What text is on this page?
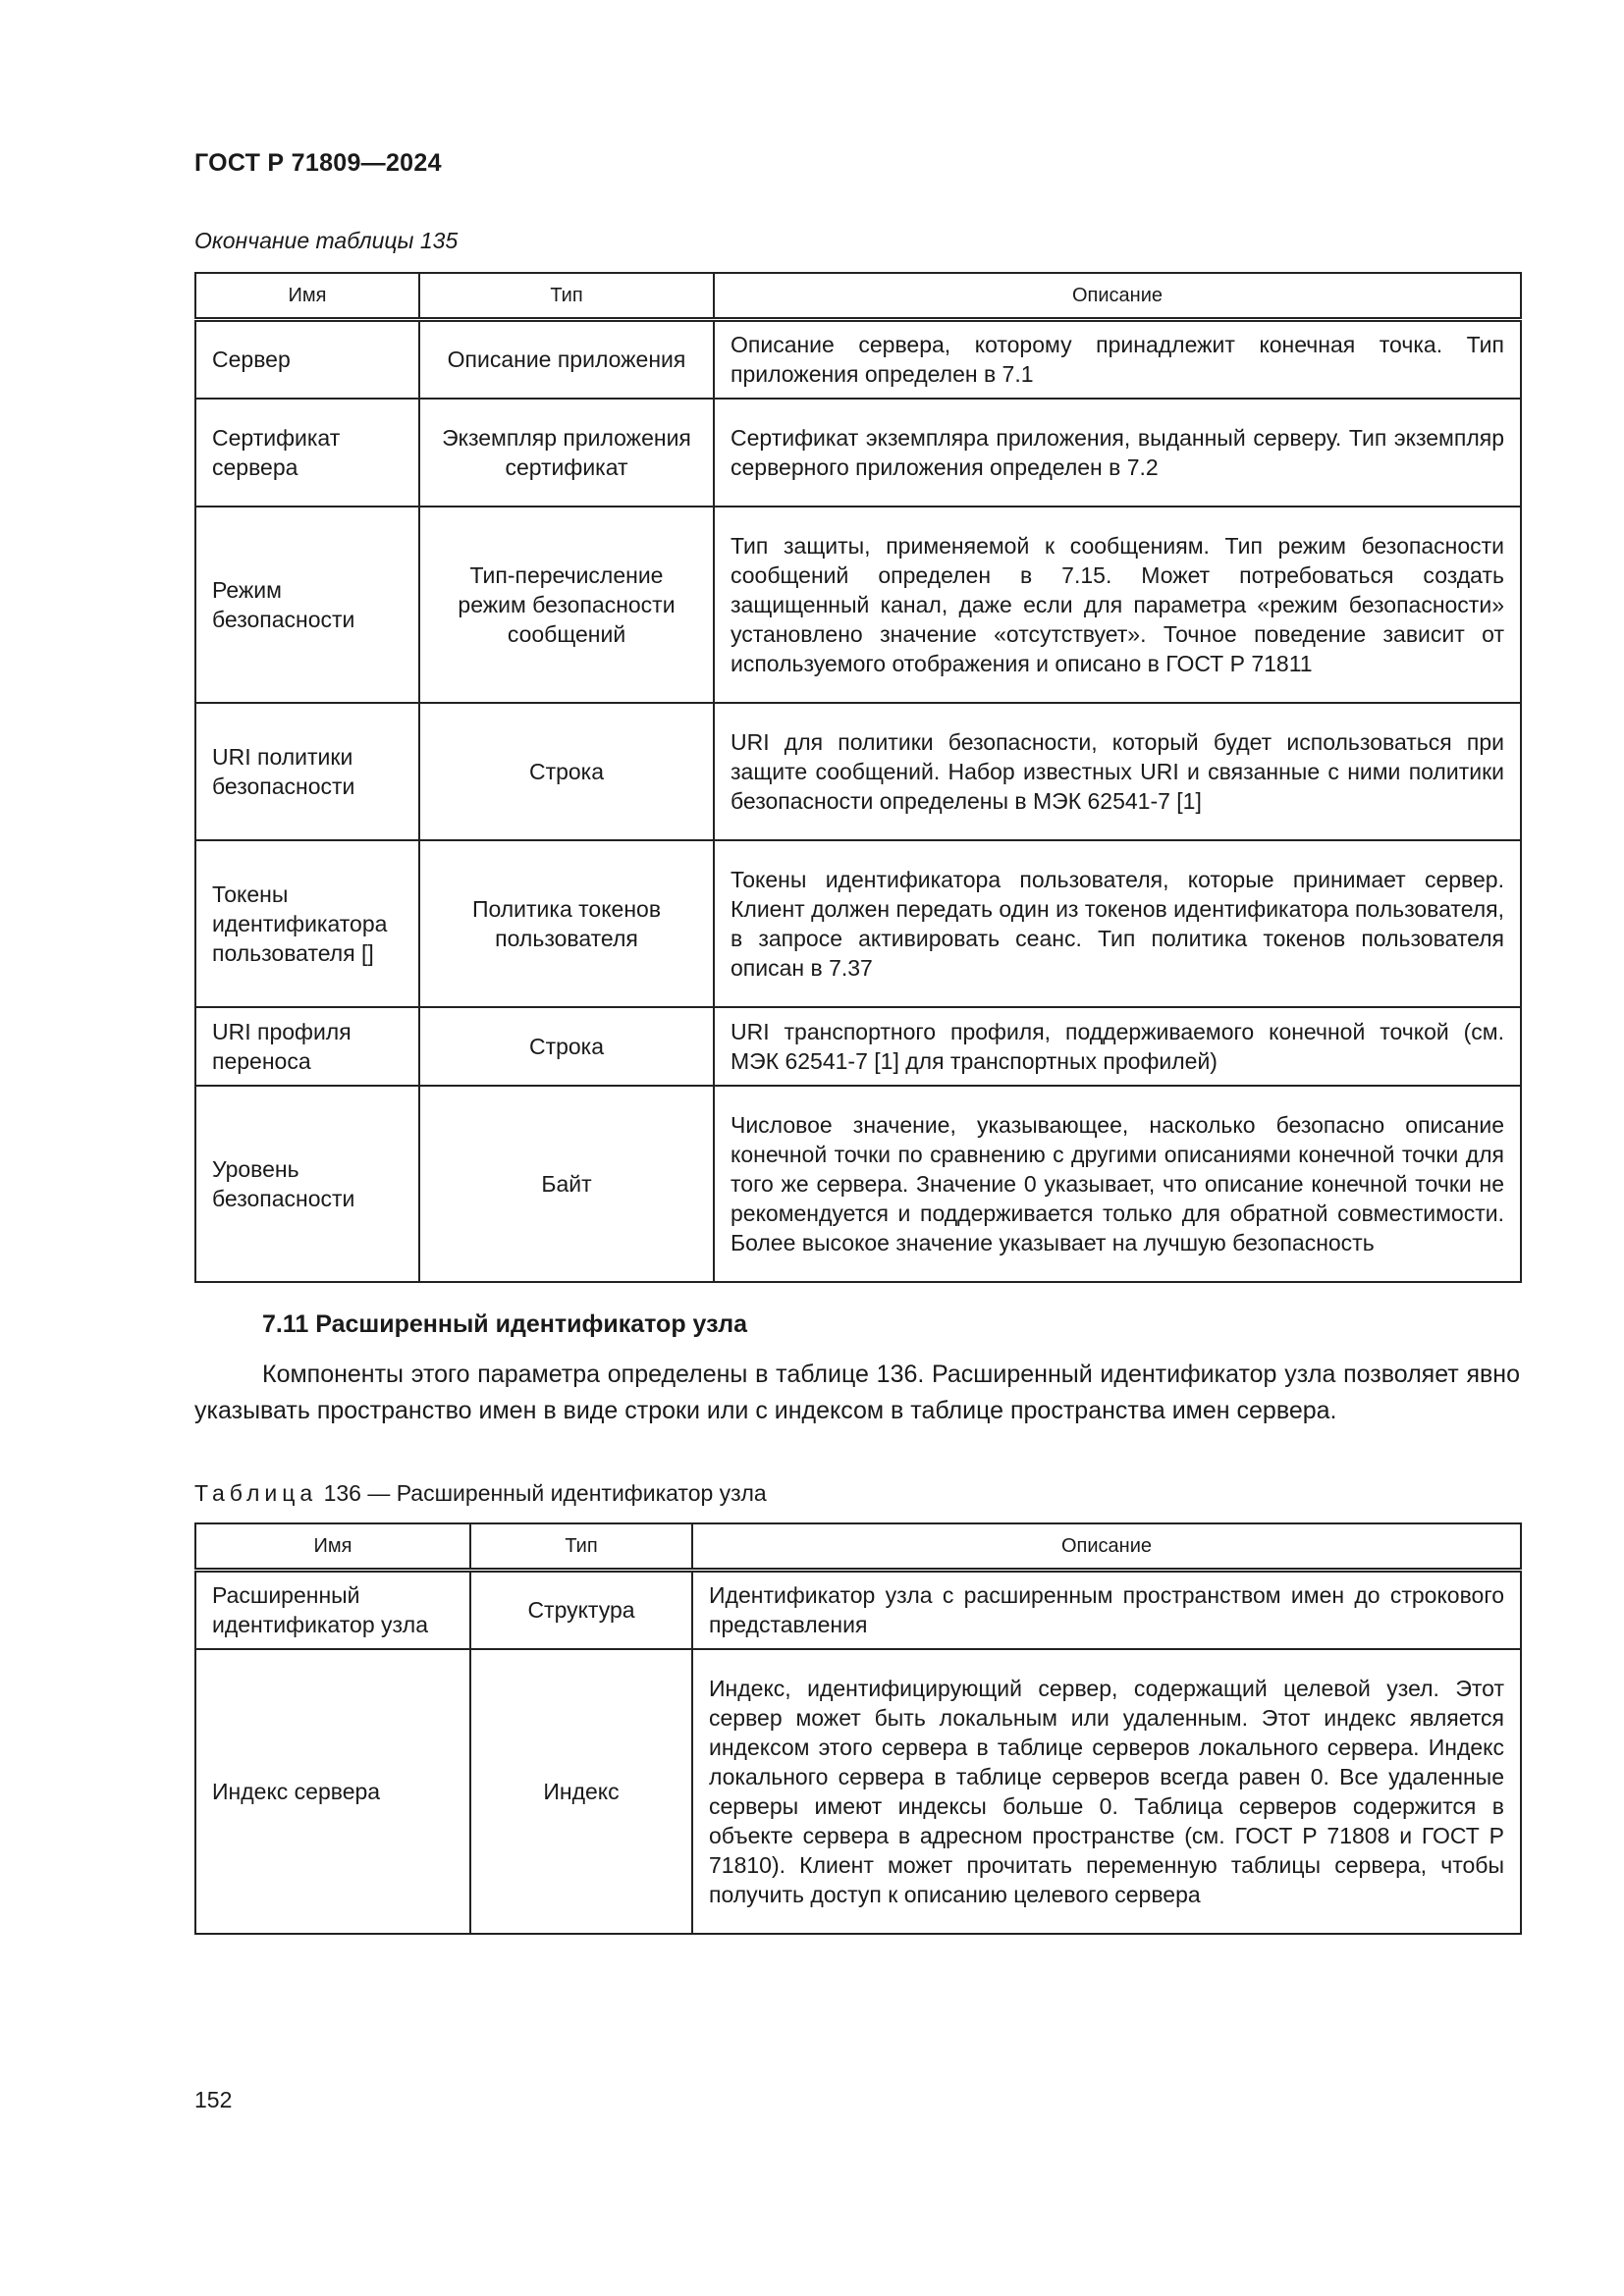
ГОСТ Р 71809—2024
Окончание таблицы 135
Имя	Тип	Описание
Сервер	Описание приложения	Описание сервера, которому принадлежит конечная точка. Тип приложения определен в 7.1
Сертификат сервера	Экземпляр приложения сертификат	Сертификат экземпляра приложения, выданный серверу. Тип экземпляр серверного приложения определен в 7.2
Режим безопасности	Тип-перечисление режим безопасности сообщений	Тип защиты, применяемой к сообщениям. Тип режим безопасности сообщений определен в 7.15. Может потребоваться создать защищенный канал, даже если для параметра «режим безопасности» установлено значение «отсутствует». Точное поведение зависит от используемого отображения и описано в ГОСТ Р 71811
URI политики безопасности	Строка	URI для политики безопасности, который будет использоваться при защите сообщений. Набор известных URI и связанные с ними политики безопасности определены в МЭК 62541-7 [1]
Токены идентификатора пользователя []	Политика токенов пользователя	Токены идентификатора пользователя, которые принимает сервер. Клиент должен передать один из токенов идентификатора пользователя, в запросе активировать сеанс. Тип политика токенов пользователя описан в 7.37
URI профиля переноса	Строка	URI транспортного профиля, поддерживаемого конечной точкой (см. МЭК 62541-7 [1] для транспортных профилей)
Уровень безопасности	Байт	Числовое значение, указывающее, насколько безопасно описание конечной точки по сравнению с другими описаниями конечной точки для того же сервера. Значение 0 указывает, что описание конечной точки не рекомендуется и поддерживается только для обратной совместимости. Более высокое значение указывает на лучшую безопасность
7.11 Расширенный идентификатор узла

Компоненты этого параметра определены в таблице 136. Расширенный идентификатор узла позволяет явно указывать пространство имен в виде строки или с индексом в таблице пространства имен сервера.

Таблица 136 — Расширенный идентификатор узла
Имя	Тип	Описание
Расширенный идентификатор узла	Структура	Идентификатор узла с расширенным пространством имен до строкового представления
Индекс сервера	Индекс	Индекс, идентифицирующий сервер, содержащий целевой узел. Этот сервер может быть локальным или удаленным. Этот индекс является индексом этого сервера в таблице серверов локального сервера. Индекс локального сервера в таблице серверов всегда равен 0. Все удаленные серверы имеют индексы больше 0. Таблица серверов содержится в объекте сервера в адресном пространстве (см. ГОСТ Р 71808 и ГОСТ Р 71810). Клиент может прочитать переменную таблицы сервера, чтобы получить доступ к описанию целевого сервера
152
